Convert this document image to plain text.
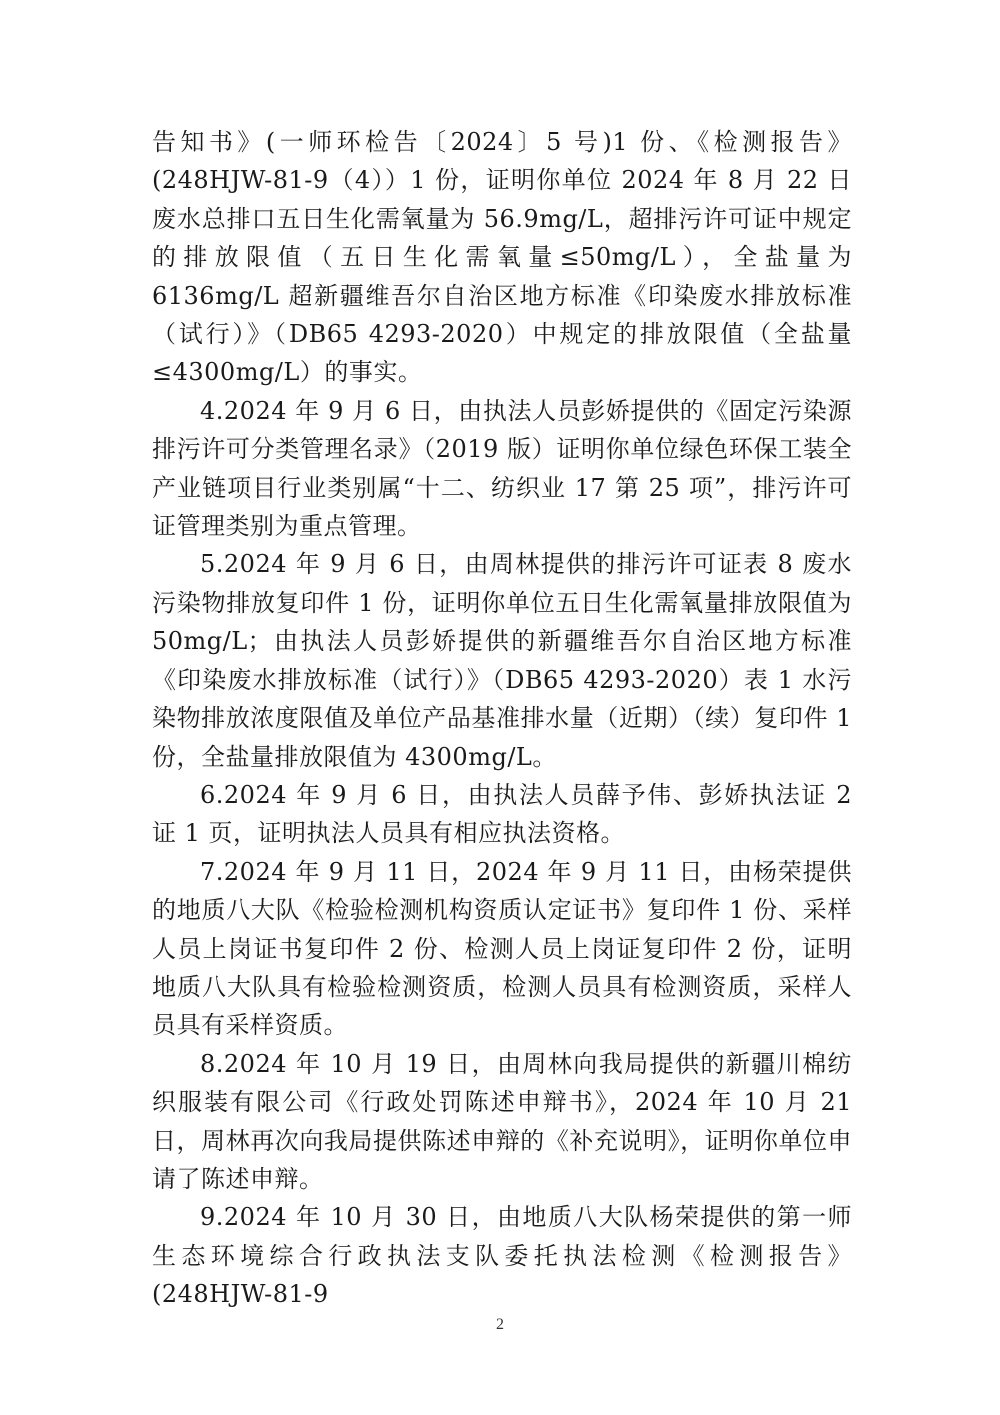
告知书》(一师环检告〔2024〕5 号)1 份、《检测报告》(248HJW-81-9（4））1 份，证明你单位 2024 年 8 月 22 日废水总排口五日生化需氧量为 56.9mg/L，超排污许可证中规定的排放限值（五日生化需氧量≤50mg/L），全盐量为 6136mg/L 超新疆维吾尔自治区地方标准《印染废水排放标准（试行）》（DB65 4293-2020）中规定的排放限值（全盐量≤4300mg/L）的事实。

4.2024 年 9 月 6 日，由执法人员彭娇提供的《固定污染源排污许可分类管理名录》（2019 版）证明你单位绿色环保工装全产业链项目行业类别属“十二、纺织业 17 第 25 项”，排污许可证管理类别为重点管理。

5.2024 年 9 月 6 日，由周林提供的排污许可证表 8 废水污染物排放复印件 1 份，证明你单位五日生化需氧量排放限值为 50mg/L；由执法人员彭娇提供的新疆维吾尔自治区地方标准《印染废水排放标准（试行）》（DB65 4293-2020）表 1 水污染物排放浓度限值及单位产品基准排水量（近期）（续）复印件 1 份，全盐量排放限值为 4300mg/L。

6.2024 年 9 月 6 日，由执法人员薛予伟、彭娇执法证 2 证 1 页，证明执法人员具有相应执法资格。

7.2024 年 9 月 11 日，2024 年 9 月 11 日，由杨荣提供的地质八大队《检验检测机构资质认定证书》复印件 1 份、采样人员上岗证书复印件 2 份、检测人员上岗证复印件 2 份，证明地质八大队具有检验检测资质，检测人员具有检测资质，采样人员具有采样资质。

8.2024 年 10 月 19 日，由周林向我局提供的新疆川棉纺织服装有限公司《行政处罚陈述申辩书》，2024 年 10 月 21 日，周林再次向我局提供陈述申辩的《补充说明》，证明你单位申请了陈述申辩。

9.2024 年 10 月 30 日，由地质八大队杨荣提供的第一师生态环境综合行政执法支队委托执法检测《检测报告》(248HJW-81-9

2
